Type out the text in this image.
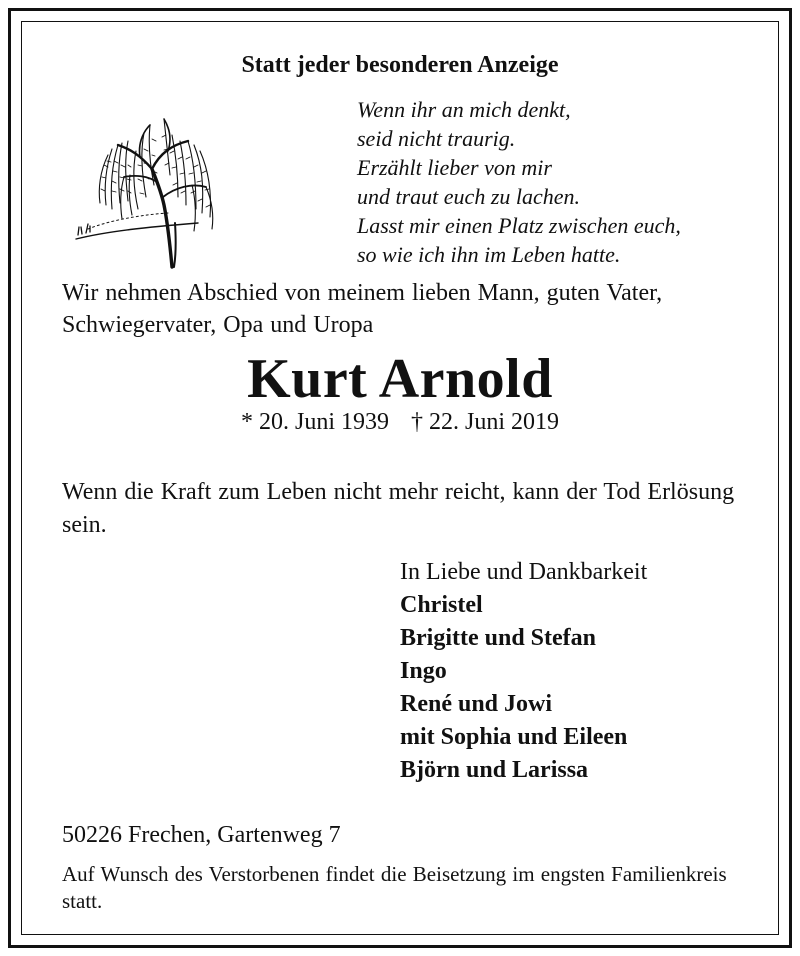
Statt jeder besonderen Anzeige
Wenn ihr an mich denkt,
seid nicht traurig.
Erzählt lieber von mir
und traut euch zu lachen.
Lasst mir einen Platz zwischen euch,
so wie ich ihn im Leben hatte.
Wir nehmen Abschied von meinem lieben Mann, guten Vater, Schwiegervater, Opa und Uropa
Kurt Arnold
* 20. Juni 1939 † 22. Juni 2019
Wenn die Kraft zum Leben nicht mehr reicht, kann der Tod Erlösung sein.
In Liebe und Dankbarkeit
Christel
Brigitte und Stefan
Ingo
René und Jowi
mit Sophia und Eileen
Björn und Larissa
50226 Frechen, Gartenweg 7
Auf Wunsch des Verstorbenen findet die Beisetzung im engsten Familienkreis statt.
